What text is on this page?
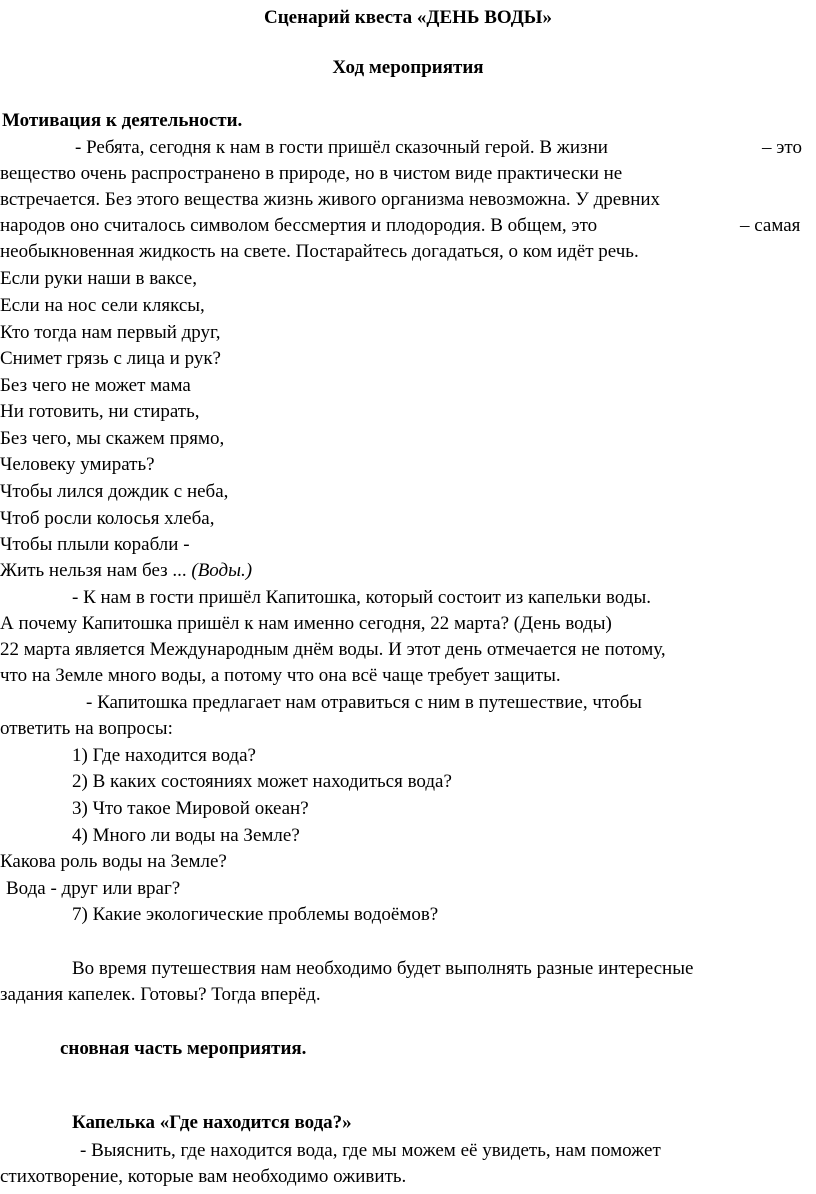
Сценарий квеста «ДЕНЬ ВОДЫ»
Ход мероприятия
Мотивация к деятельности.
- Ребята, сегодня к нам в гости пришёл сказочный герой. В жизни	– это
вещество очень распространено в природе, но в чистом виде практически не
встречается. Без этого вещества жизнь живого организма невозможна. У древних
народов оно считалось символом бессмертия и плодородия. В общем, это	– самая
необыкновенная жидкость на свете. Постарайтесь догадаться, о ком идёт речь.
Если руки наши в ваксе,
Если на нос сели кляксы,
Кто тогда нам первый друг,
Снимет грязь с лица и рук?
Без чего не может мама
Ни готовить, ни стирать,
Без чего, мы скажем прямо,
Человеку умирать?
Чтобы лился дождик с неба,
Чтоб росли колосья хлеба,
Чтобы плыли корабли -
Жить нельзя нам без ... (Воды.)
- К нам в гости пришёл Капитошка, который состоит из капельки воды.
А почему Капитошка пришёл к нам именно сегодня, 22 марта? (День воды)
22 марта является Международным днём воды. И этот день отмечается не потому,
что на Земле много воды, а потому что она всё чаще требует защиты.
- Капитошка предлагает нам отравиться с ним в путешествие, чтобы
ответить на вопросы:
1) Где находится вода?
2) В каких состояниях может находиться вода?
3) Что такое Мировой океан?
4) Много ли воды на Земле?
Какова роль воды на Земле?
Вода - друг или враг?
7) Какие экологические проблемы водоёмов?
Во время путешествия нам необходимо будет выполнять разные интересные
задания капелек. Готовы? Тогда вперёд.
сновная часть мероприятия.
Капелька «Где находится вода?»
- Выяснить, где находится вода, где мы можем её увидеть, нам поможет
стихотворение, которые вам необходимо оживить.
